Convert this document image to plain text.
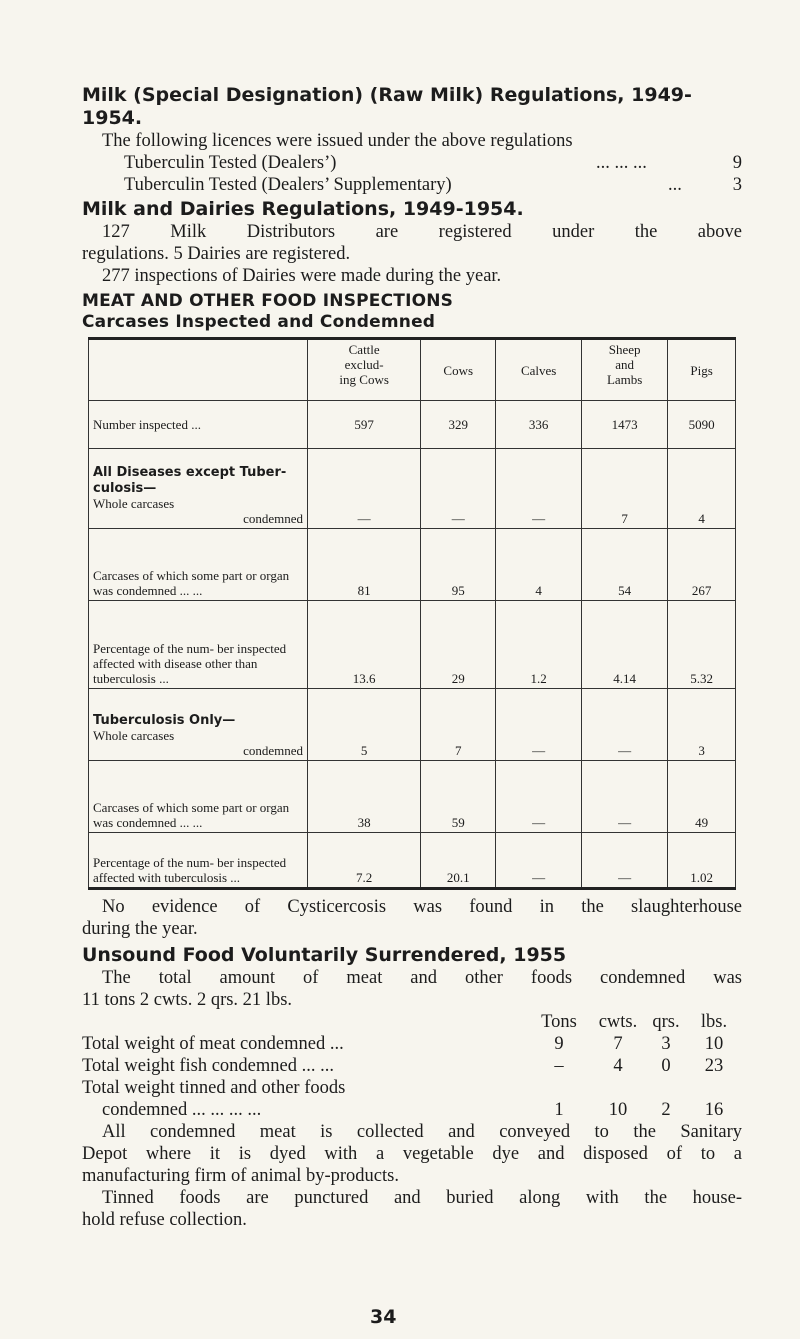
Milk (Special Designation) (Raw Milk) Regulations, 1949-1954.

The following licences were issued under the above regulations

Tuberculin Tested (Dealers’)	... ... ...	9
Tuberculin Tested (Dealers’ Supplementary)	...	3

Milk and Dairies Regulations, 1949-1954.

127 Milk Distributors are registered under the above

regulations. 5 Dairies are registered.

277 inspections of Dairies were made during the year.

MEAT AND OTHER FOOD INSPECTIONS

Carcases Inspected and Condemned

	Cattle
exclud-
ing Cows	Cows	Calves	Sheep
and
Lambs	Pigs
Number inspected ...	597	329	336	1473	5090
All Diseases except Tuber- culosis—
Whole carcases

condemned	—	—	—	7	4
Carcases of which some part or organ was condemned ... ...	81	95	4	54	267
Percentage of the num- ber inspected affected with disease other than tuberculosis ...	13.6	29	1.2	4.14	5.32
Tuberculosis Only—
Whole carcases

condemned	5	7	—	—	3
Carcases of which some part or organ was condemned ... ...	38	59	—	—	49
Percentage of the num- ber inspected affected with tuberculosis ...	7.2	20.1	—	—	1.02

No evidence of Cysticercosis was found in the slaughterhouse

during the year.

Unsound Food Voluntarily Surrendered, 1955

The total amount of meat and other foods condemned was

11 tons 2 cwts. 2 qrs. 21 lbs.

Tons	cwts. qrs.	lbs.
Total weight of meat condemned ...	9	7	3	10
Total weight fish condemned ... ...	–	4	0	23
Total weight tinned and other foods
condemned ... ... ... ...	1	10	2	16

All condemned meat is collected and conveyed to the Sanitary

Depot where it is dyed with a vegetable dye and disposed of to a

manufacturing firm of animal by-products.

Tinned foods are punctured and buried along with the house-

hold refuse collection.

34
